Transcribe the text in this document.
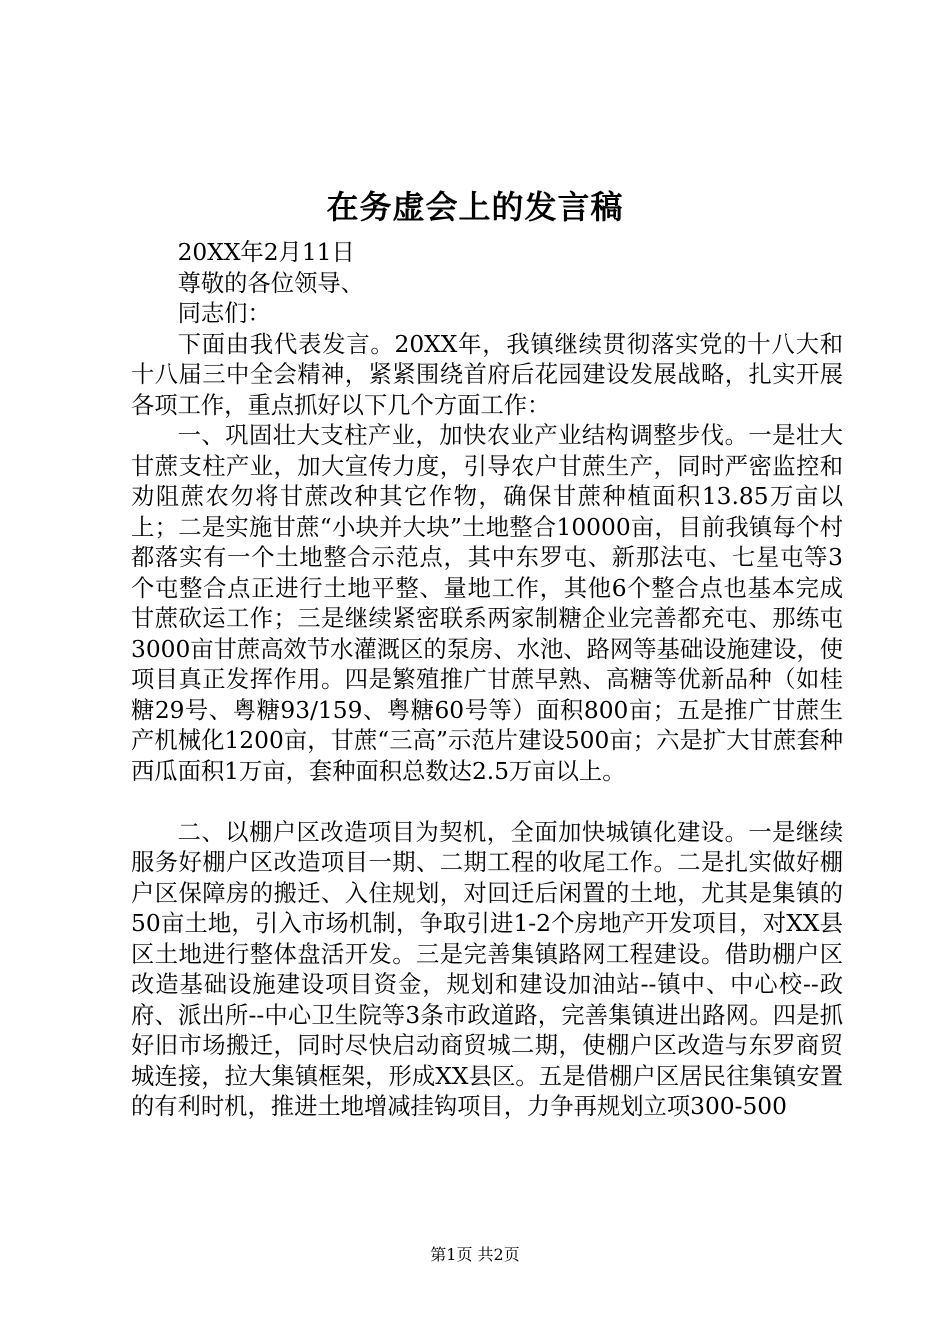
在务虚会上的发言稿

20XX年2月11日

尊敬的各位领导、

同志们：

下面由我代表发言。20XX年，我镇继续贯彻落实党的十八大和十八届三中全会精神，紧紧围绕首府后花园建设发展战略，扎实开展各项工作，重点抓好以下几个方面工作：

一、巩固壮大支柱产业，加快农业产业结构调整步伐。一是壮大甘蔗支柱产业，加大宣传力度，引导农户甘蔗生产，同时严密监控和劝阻蔗农勿将甘蔗改种其它作物，确保甘蔗种植面积13.85万亩以上；二是实施甘蔗“小块并大块”土地整合10000亩，目前我镇每个村都落实有一个土地整合示范点，其中东罗屯、新那法屯、七星屯等3个屯整合点正进行土地平整、量地工作，其他6个整合点也基本完成甘蔗砍运工作；三是继续紧密联系两家制糖企业完善都充屯、那练屯3000亩甘蔗高效节水灌溉区的泵房、水池、路网等基础设施建设，使项目真正发挥作用。四是繁殖推广甘蔗早熟、高糖等优新品种（如桂糖29号、粤糖93/159、粤糖60号等）面积800亩；五是推广甘蔗生产机械化1200亩，甘蔗“三高”示范片建设500亩；六是扩大甘蔗套种西瓜面积1万亩，套种面积总数达2.5万亩以上。

二、以棚户区改造项目为契机，全面加快城镇化建设。一是继续服务好棚户区改造项目一期、二期工程的收尾工作。二是扎实做好棚户区保障房的搬迁、入住规划，对回迁后闲置的土地，尤其是集镇的50亩土地，引入市场机制，争取引进1-2个房地产开发项目，对XX县区土地进行整体盘活开发。三是完善集镇路网工程建设。借助棚户区改造基础设施建设项目资金，规划和建设加油站--镇中、中心校--政府、派出所--中心卫生院等3条市政道路，完善集镇进出路网。四是抓好旧市场搬迁，同时尽快启动商贸城二期，使棚户区改造与东罗商贸城连接，拉大集镇框架，形成XX县区。五是借棚户区居民往集镇安置的有利时机，推进土地增减挂钩项目，力争再规划立项300-500

第1页 共2页
